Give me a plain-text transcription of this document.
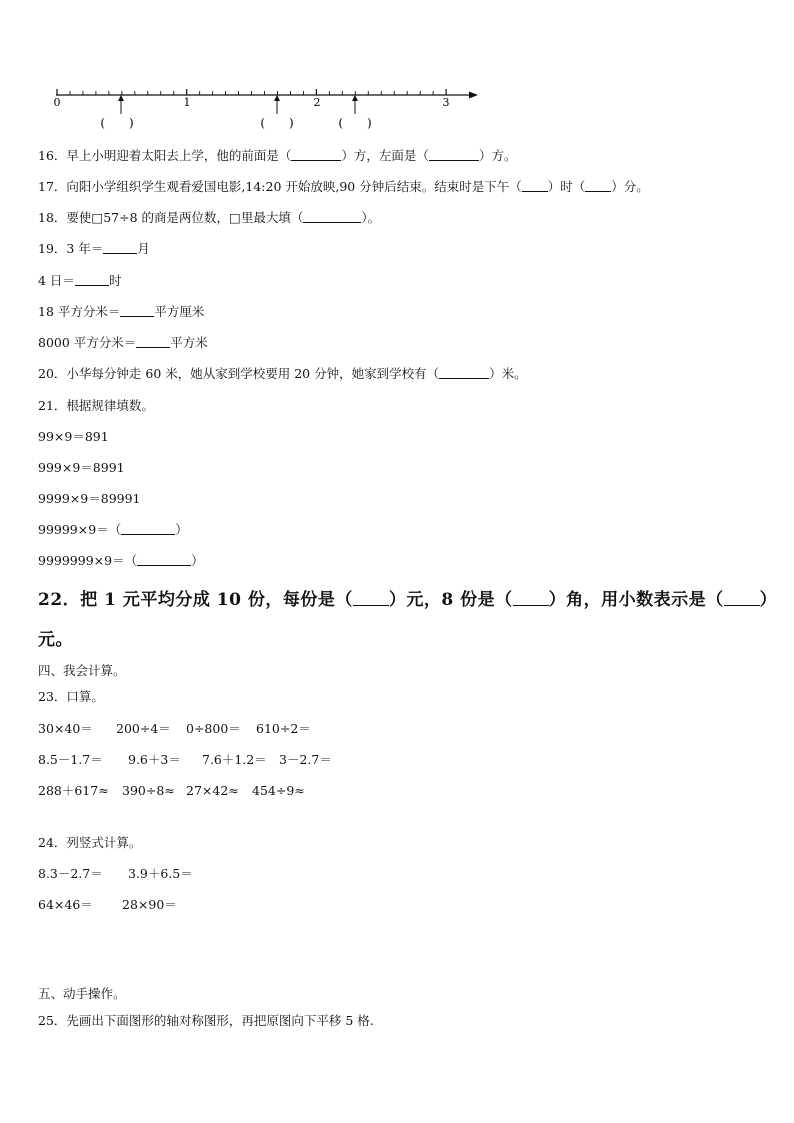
0	1	2	3
(　　)	(　　)	(　　)
16．早上小明迎着太阳去上学，他的前面是（	）方，左面是（	）方。
17．向阳小学组织学生观看爱国电影,14:20 开始放映,90 分钟后结束。结束时是下午（ ）时（ ）分。
18．要使□57÷8 的商是两位数，□里最大填（	）。
19．3 年＝	月
4 日＝	时
18 平方分米＝	平方厘米
8000 平方分米＝	平方米
20．小华每分钟走 60 米，她从家到学校要用 20 分钟，她家到学校有（	）米。
21．根据规律填数。
99×9＝891
999×9＝8991
9999×9＝89991
99999×9＝（	）
9999999×9＝（	）
22．把 1 元平均分成 10 份，每份是（ ）元，8 份是（ ）角，用小数表示是（ ）
元。
四、我会计算。
23．口算。
30×40＝ 200÷4＝ 0÷800＝ 610÷2＝
8.5－1.7＝ 9.6＋3＝ 7.6＋1.2＝ 3－2.7＝
288＋617≈ 390÷8≈ 27×42≈ 454÷9≈
24．列竖式计算。
8.3－2.7＝ 3.9＋6.5＝
64×46＝ 28×90＝
五、动手操作。
25．先画出下面图形的轴对称图形，再把原图向下平移 5 格.
